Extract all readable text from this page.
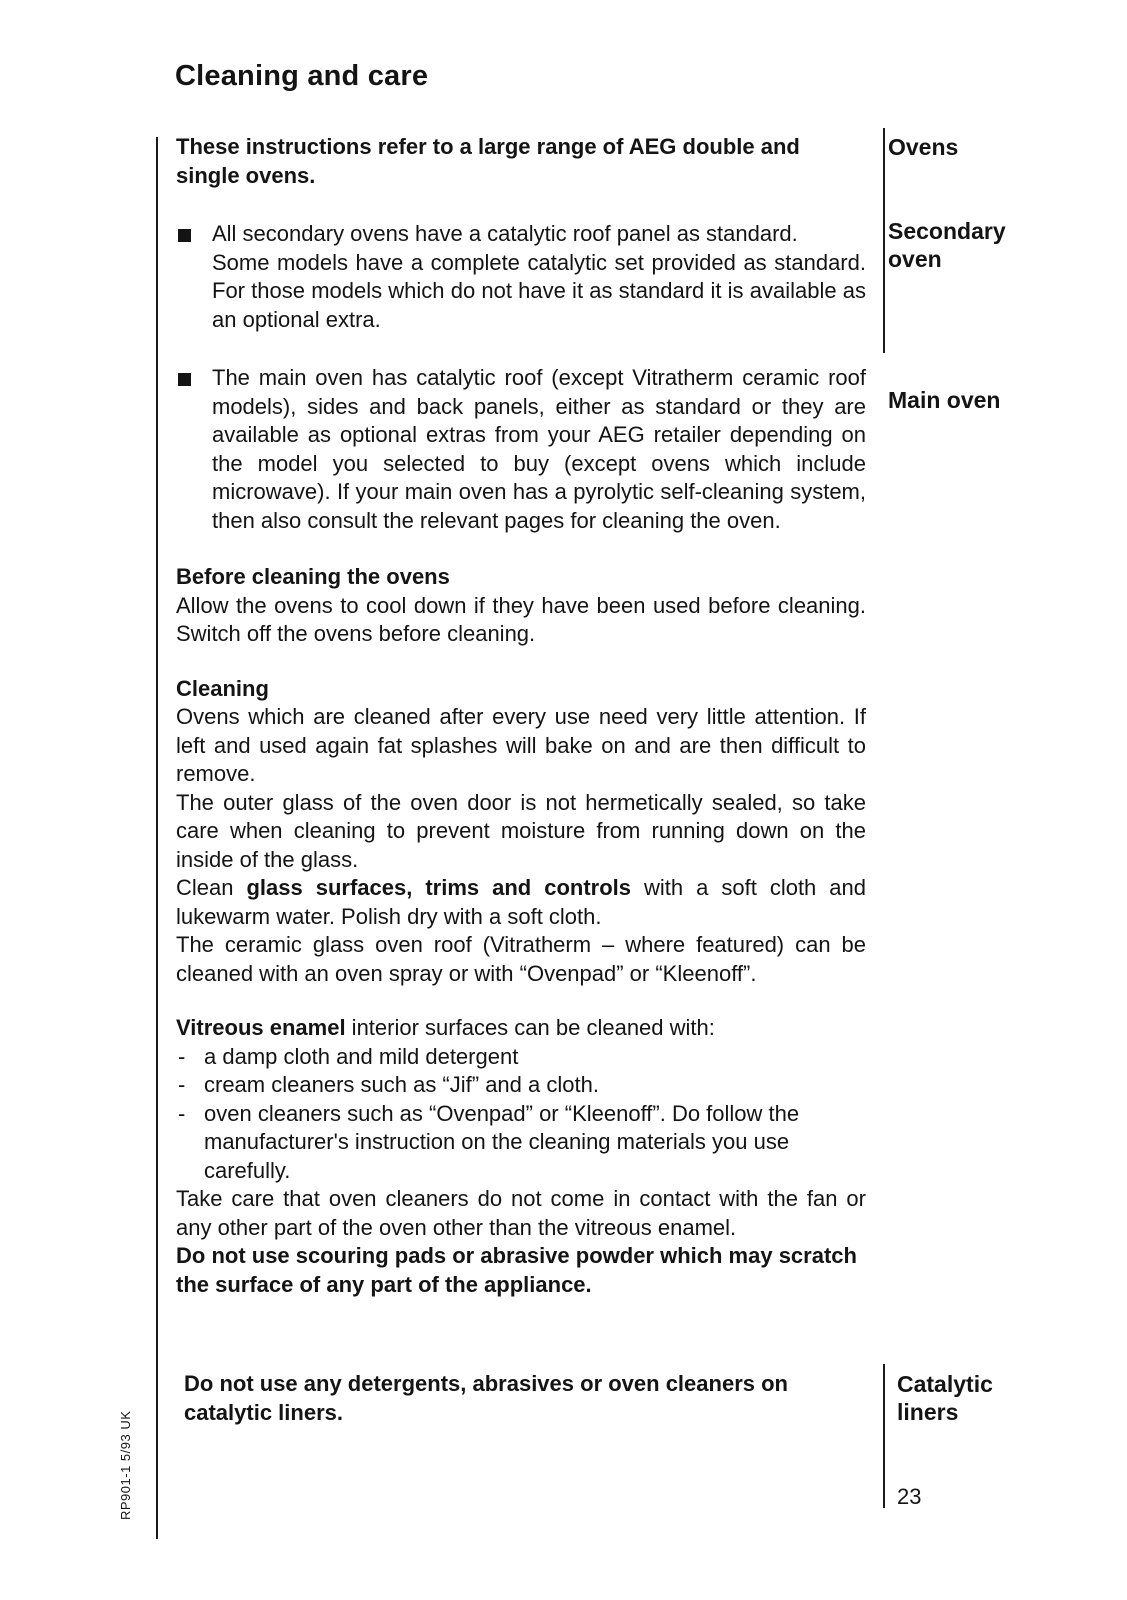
Cleaning and care

These instructions refer to a large range of AEG double and single ovens.

All secondary ovens have a catalytic roof panel as standard.

Some models have a complete catalytic set provided as standard. For those models which do not have it as standard it is available as an optional extra.

The main oven has catalytic roof (except Vitratherm ceramic roof models), sides and back panels, either as standard or they are available as optional extras from your AEG retailer depending on the model you selected to buy (except ovens which include microwave). If your main oven has a pyrolytic self-cleaning system, then also consult the relevant pages for cleaning the oven.

Before cleaning the ovens

Allow the ovens to cool down if they have been used before cleaning. Switch off the ovens before cleaning.

Cleaning

Ovens which are cleaned after every use need very little attention. If left and used again fat splashes will bake on and are then difficult to remove.

The outer glass of the oven door is not hermetically sealed, so take care when cleaning to prevent moisture from running down on the inside of the glass.

Clean glass surfaces, trims and controls with a soft cloth and lukewarm water. Polish dry with a soft cloth.

The ceramic glass oven roof (Vitratherm – where featured) can be cleaned with an oven spray or with “Ovenpad” or “Kleenoff”.

Vitreous enamel interior surfaces can be cleaned with:

- a damp cloth and mild detergent
- cream cleaners such as “Jif” and a cloth.
- oven cleaners such as “Ovenpad” or “Kleenoff”. Do follow the manufacturer's instruction on the cleaning materials you use carefully.

Take care that oven cleaners do not come in contact with the fan or any other part of the oven other than the vitreous enamel.

Do not use scouring pads or abrasive powder which may scratch the surface of any part of the appliance.

Do not use any detergents, abrasives or oven cleaners on catalytic liners.

Ovens
Secondary oven
Main oven
Catalytic liners
23
RP901-1 5/93 UK
